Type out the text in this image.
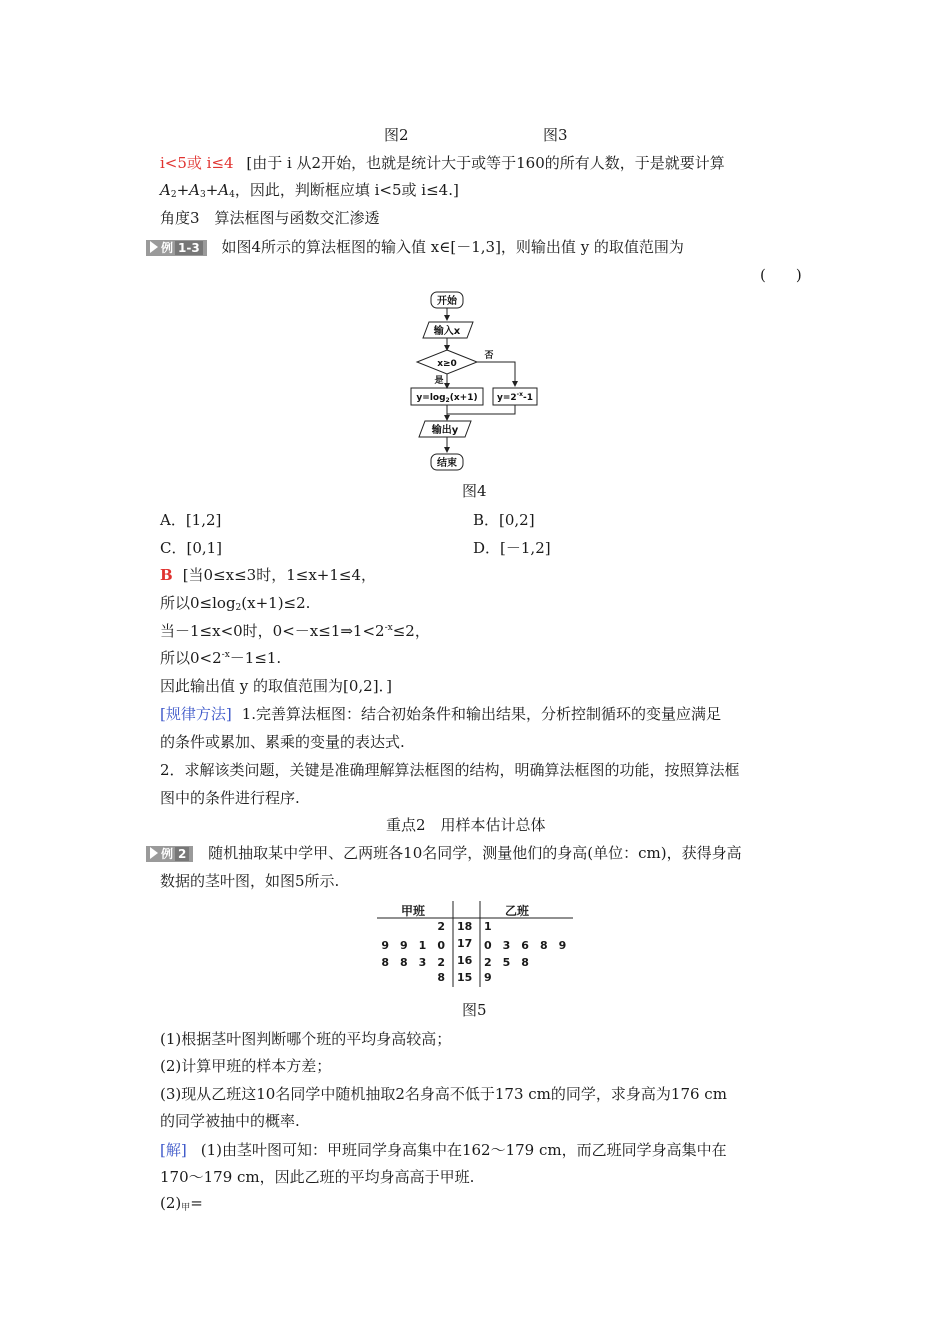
图2	图3
i<5或 i≤4 [由于 i 从2开始，也就是统计大于或等于160的所有人数，于是就要计算
$A_2+A_3+A_4$，因此，判断框应填 i<5或 i≤4.]
角度3　算法框图与函数交汇渗透
例 1-3 如图4所示的算法框图的输入值 x∈[－1,3]，则输出值 y 的取值范围为
(　　)
开始
输入x
x≥0
否
是
$y=\log_2(x+1)$ $y=2^{-x}-1$
输出y
结束
图4
A．[1,2]	B．[0,2]
C．[0,1]	D．[－1,2]
B [当0≤x≤3时，1≤x+1≤4，
所以$0\le\log_2(x+1)\le 2$.
当－1≤x<0时，$0<-x\le 1\Rightarrow 1<2^{-x}\le 2$，
所以$0<2^{-x}-1\le 1$.
因此输出值 y 的取值范围为[0,2]．]
[规律方法] 1.完善算法框图：结合初始条件和输出结果，分析控制循环的变量应满足
的条件或累加、累乘的变量的表达式.
2．求解该类问题，关键是准确理解算法框图的结构，明确算法框图的功能，按照算法框
图中的条件进行程序.
重点2　用样本估计总体
例 2 随机抽取某中学甲、乙两班各10名同学，测量他们的身高(单位：cm)，获得身高
数据的茎叶图，如图5所示.
甲班	乙班
2 18 1
9　9　1　0 17 0　3　6　8　9
8　8　3　2 16 2　5　8
8 15 9
图5
(1)根据茎叶图判断哪个班的平均身高较高；
(2)计算甲班的样本方差；
(3)现从乙班这10名同学中随机抽取2名身高不低于173 cm的同学，求身高为176 cm
的同学被抽中的概率.
[解] (1)由茎叶图可知：甲班同学身高集中在162～179 cm，而乙班同学身高集中在
170～179 cm，因此乙班的平均身高高于甲班.
$(2)_甲=$
